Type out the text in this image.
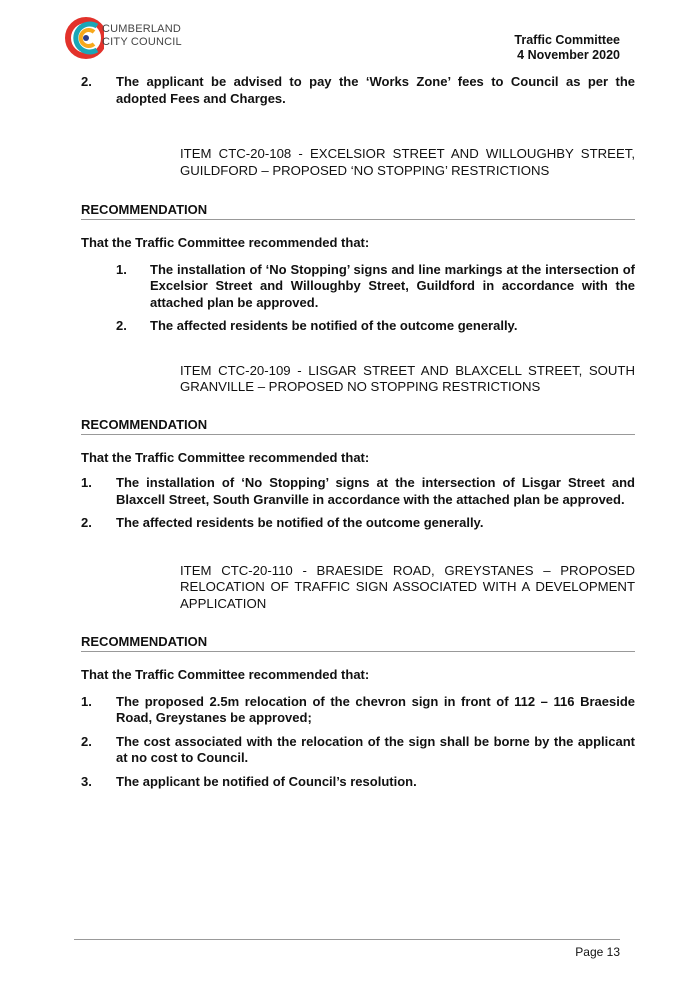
CUMBERLAND
CITY COUNCIL	Traffic Committee
4 November 2020
2.	The applicant be advised to pay the ‘Works Zone’ fees to Council as per the adopted Fees and Charges.
ITEM CTC-20-108 - EXCELSIOR STREET AND WILLOUGHBY STREET, GUILDFORD – PROPOSED ‘NO STOPPING’ RESTRICTIONS
RECOMMENDATION
That the Traffic Committee recommended that:
1.	The installation of ‘No Stopping’ signs and line markings at the intersection of Excelsior Street and Willoughby Street, Guildford in accordance with the attached plan be approved.
2.	The affected residents be notified of the outcome generally.
ITEM CTC-20-109 - LISGAR STREET AND BLAXCELL STREET, SOUTH GRANVILLE – PROPOSED NO STOPPING RESTRICTIONS
RECOMMENDATION
That the Traffic Committee recommended that:
1.	The installation of ‘No Stopping’ signs at the intersection of Lisgar Street and Blaxcell Street, South Granville in accordance with the attached plan be approved.
2.	The affected residents be notified of the outcome generally.
ITEM CTC-20-110 - BRAESIDE ROAD, GREYSTANES – PROPOSED RELOCATION OF TRAFFIC SIGN ASSOCIATED WITH A DEVELOPMENT APPLICATION
RECOMMENDATION
That the Traffic Committee recommended that:
1.	The proposed 2.5m relocation of the chevron sign in front of 112 – 116 Braeside Road, Greystanes be approved;
2.	The cost associated with the relocation of the sign shall be borne by the applicant at no cost to Council.
3.	The applicant be notified of Council’s resolution.
Page 13
